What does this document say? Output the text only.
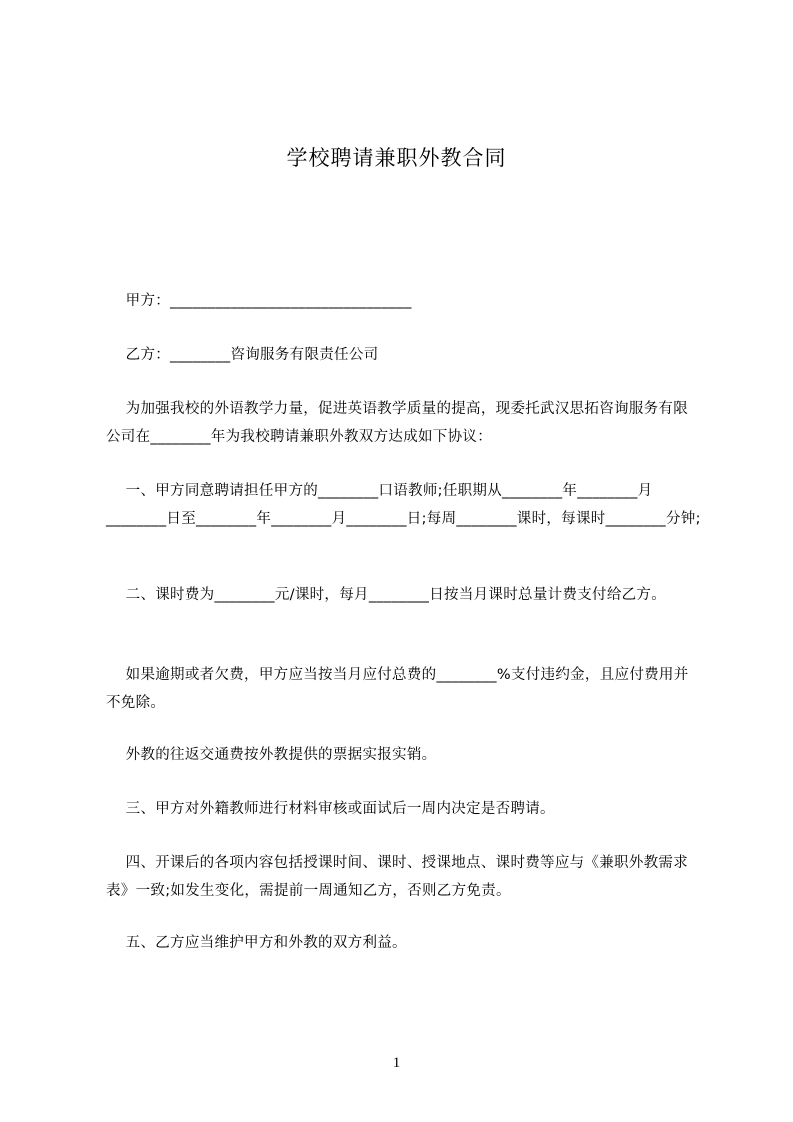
学校聘请兼职外教合同
甲方：________________________________
乙方：________咨询服务有限责任公司
为加强我校的外语教学力量，促进英语教学质量的提高，现委托武汉思拓咨询服务有限公司在________年为我校聘请兼职外教双方达成如下协议：
一、甲方同意聘请担任甲方的________口语教师;任职期从________年________月________日至________年________月________日;每周________课时，每课时________分钟;
二、课时费为________元/课时，每月________日按当月课时总量计费支付给乙方。
如果逾期或者欠费，甲方应当按当月应付总费的________%支付违约金，且应付费用并不免除。
外教的往返交通费按外教提供的票据实报实销。
三、甲方对外籍教师进行材料审核或面试后一周内决定是否聘请。
四、开课后的各项内容包括授课时间、课时、授课地点、课时费等应与《兼职外教需求表》一致;如发生变化，需提前一周通知乙方，否则乙方免责。
五、乙方应当维护甲方和外教的双方利益。
1
